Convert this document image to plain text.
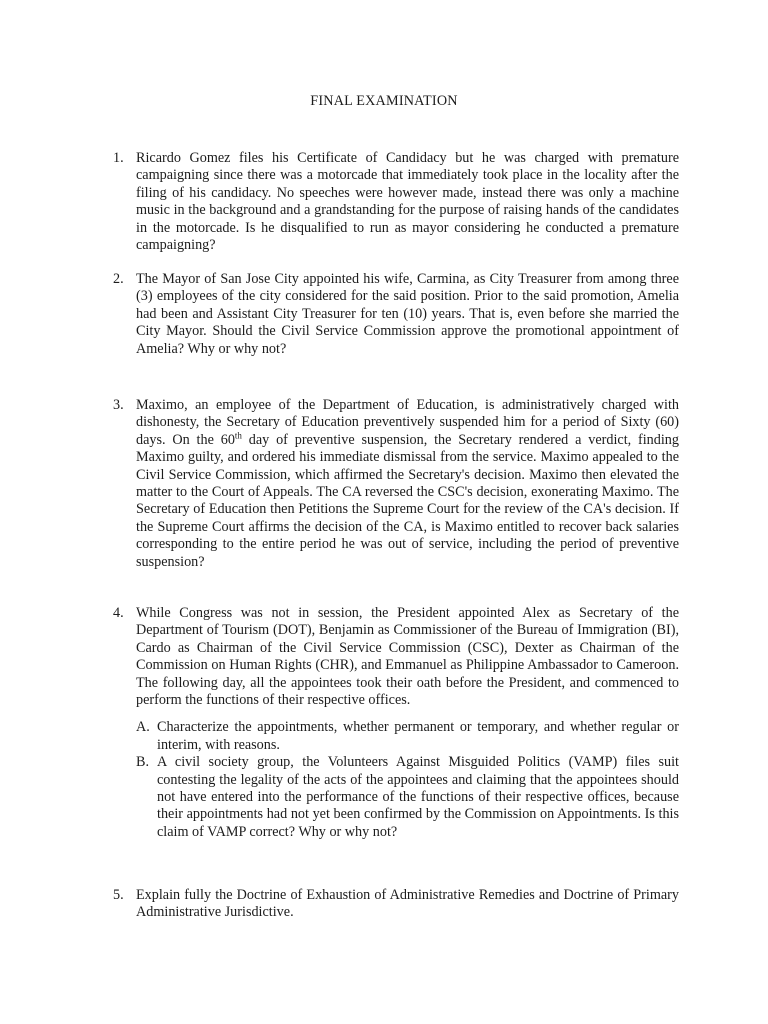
FINAL EXAMINATION
1. Ricardo Gomez files his Certificate of Candidacy but he was charged with premature campaigning since there was a motorcade that immediately took place in the locality after the filing of his candidacy. No speeches were however made, instead there was only a machine music in the background and a grandstanding for the purpose of raising hands of the candidates in the motorcade. Is he disqualified to run as mayor considering he conducted a premature campaigning?
2. The Mayor of San Jose City appointed his wife, Carmina, as City Treasurer from among three (3) employees of the city considered for the said position. Prior to the said promotion, Amelia had been and Assistant City Treasurer for ten (10) years. That is, even before she married the City Mayor. Should the Civil Service Commission approve the promotional appointment of Amelia? Why or why not?
3. Maximo, an employee of the Department of Education, is administratively charged with dishonesty, the Secretary of Education preventively suspended him for a period of Sixty (60) days. On the 60th day of preventive suspension, the Secretary rendered a verdict, finding Maximo guilty, and ordered his immediate dismissal from the service. Maximo appealed to the Civil Service Commission, which affirmed the Secretary's decision. Maximo then elevated the matter to the Court of Appeals. The CA reversed the CSC's decision, exonerating Maximo. The Secretary of Education then Petitions the Supreme Court for the review of the CA's decision. If the Supreme Court affirms the decision of the CA, is Maximo entitled to recover back salaries corresponding to the entire period he was out of service, including the period of preventive suspension?
4. While Congress was not in session, the President appointed Alex as Secretary of the Department of Tourism (DOT), Benjamin as Commissioner of the Bureau of Immigration (BI), Cardo as Chairman of the Civil Service Commission (CSC), Dexter as Chairman of the Commission on Human Rights (CHR), and Emmanuel as Philippine Ambassador to Cameroon. The following day, all the appointees took their oath before the President, and commenced to perform the functions of their respective offices.
A. Characterize the appointments, whether permanent or temporary, and whether regular or interim, with reasons.
B. A civil society group, the Volunteers Against Misguided Politics (VAMP) files suit contesting the legality of the acts of the appointees and claiming that the appointees should not have entered into the performance of the functions of their respective offices, because their appointments had not yet been confirmed by the Commission on Appointments. Is this claim of VAMP correct? Why or why not?
5. Explain fully the Doctrine of Exhaustion of Administrative Remedies and Doctrine of Primary Administrative Jurisdictive.
